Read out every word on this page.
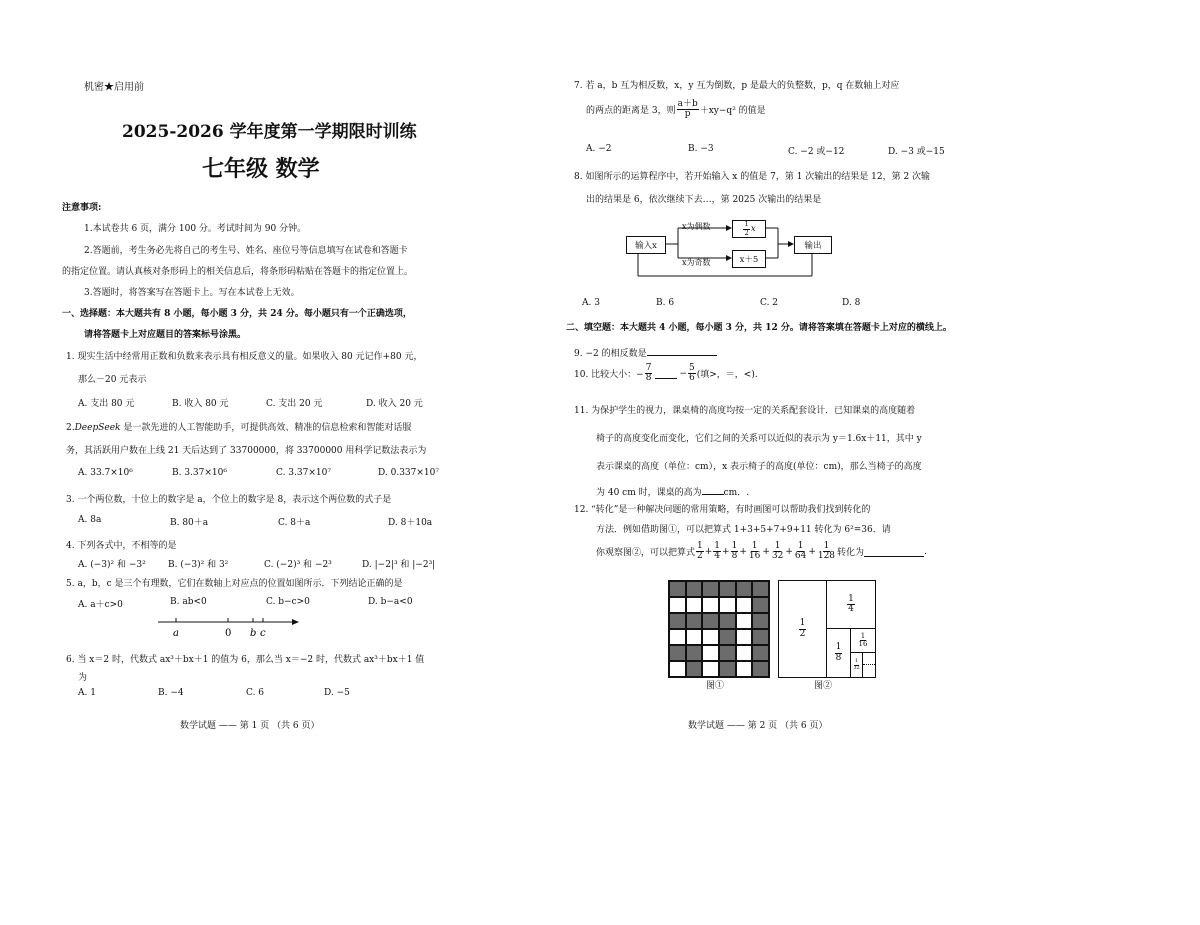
机密★启用前
2025-2026 学年度第一学期限时训练
七年级 数学
注意事项:
1.本试卷共 6 页，满分 100 分。考试时间为 90 分钟。
2.答题前，考生务必先将自己的考生号、姓名、座位号等信息填写在试卷和答题卡
的指定位置。请认真核对条形码上的相关信息后，将条形码粘贴在答题卡的指定位置上。
3.答题时，将答案写在答题卡上。写在本试卷上无效。
一、选择题：本大题共有 8 小题，每小题 3 分，共 24 分。每小题只有一个正确选项，
请将答题卡上对应题目的答案标号涂黑。
1. 现实生活中经常用正数和负数来表示具有相反意义的量。如果收入 80 元记作+80 元，
那么－20 元表示
A. 支出 80 元	B. 收入 80 元	C. 支出 20 元	D. 收入 20 元
2.DeepSeek 是一款先进的人工智能助手，可提供高效、精准的信息检索和智能对话服
务，其活跃用户数在上线 21 天后达到了 33700000，将 33700000 用科学记数法表示为
A. 33.7×10⁶	B. 3.37×10⁶	C. 3.37×10⁷	D. 0.337×10⁷
3. 一个两位数，十位上的数字是 a，个位上的数字是 8，表示这个两位数的式子是
A. 8a	B. 80＋a	C. 8＋a	D. 8＋10a
4. 下列各式中，不相等的是
A. (−3)² 和 −3² B. (−3)² 和 3²	C. (−2)³ 和 −2³	D. |−2|³ 和 |−2³|
5. a，b，c 是三个有理数，它们在数轴上对应点的位置如图所示．下列结论正确的是
A. a＋c>0	B. ab<0	C. b−c>0	D. b−a<0
a	0 b c
6. 当 x＝2 时，代数式 ax³＋bx＋1 的值为 6，那么当 x＝−2 时，代数式 ax³＋bx＋1 值
为
A. 1	B. −4	C. 6	D. −5
数学试题 —— 第 1 页 （共 6 页）
7. 若 a，b 互为相反数，x，y 互为倒数，p 是最大的负整数，p，q 在数轴上对应
的两点的距离是 3，则 $\frac{a+b}{p} +xy-q^2$ 的值是
A. −2	B. −3	C. −2 或−12	D. −3 或−15
8. 如图所示的运算程序中，若开始输入 x 的值是 7，第 1 次输出的结果是 12，第 2 次输
出的结果是 6，依次继续下去…，第 2025 次输出的结果是
输入x
x为偶数
x为奇数
$\frac{1}{2}$ x
x＋5
输出
A. 3	B. 6	C. 2	D. 8
二、填空题：本大题共 4 小题，每小题 3 分，共 12 分。请将答案填在答题卡上对应的横线上。
9. −2 的相反数是
10. 比较大小：− $\frac{7}{8}$	− $\frac{5}{6}$ (填>，＝，<).
11. 为保护学生的视力，课桌椅的高度均按一定的关系配套设计．已知课桌的高度随着
椅子的高度变化而变化，它们之间的关系可以近似的表示为 y＝1.6x＋11，其中 y
表示课桌的高度（单位：cm），x 表示椅子的高度(单位：cm)，那么当椅子的高度
为 40 cm 时，课桌的高为 cm．.
12. “转化”是一种解决问题的常用策略，有时画图可以帮助我们找到转化的
方法．例如借助图①，可以把算式 1+3+5+7+9+11 转化为 6²=36．请
你观察图②，可以把算式 $\frac{1}{2} + \frac{1}{4} + \frac{1}{8} + \frac{1}{16} + \frac{1}{32} + \frac{1}{64} + \frac{1}{128}$ 转化为	.
图①
$\frac{1}{2}$
$\frac{1}{4}$
$\frac{1}{8}$
$\frac{1}{16}$
$\frac{1}{32}$
图②
数学试题 —— 第 2 页 （共 6 页）
